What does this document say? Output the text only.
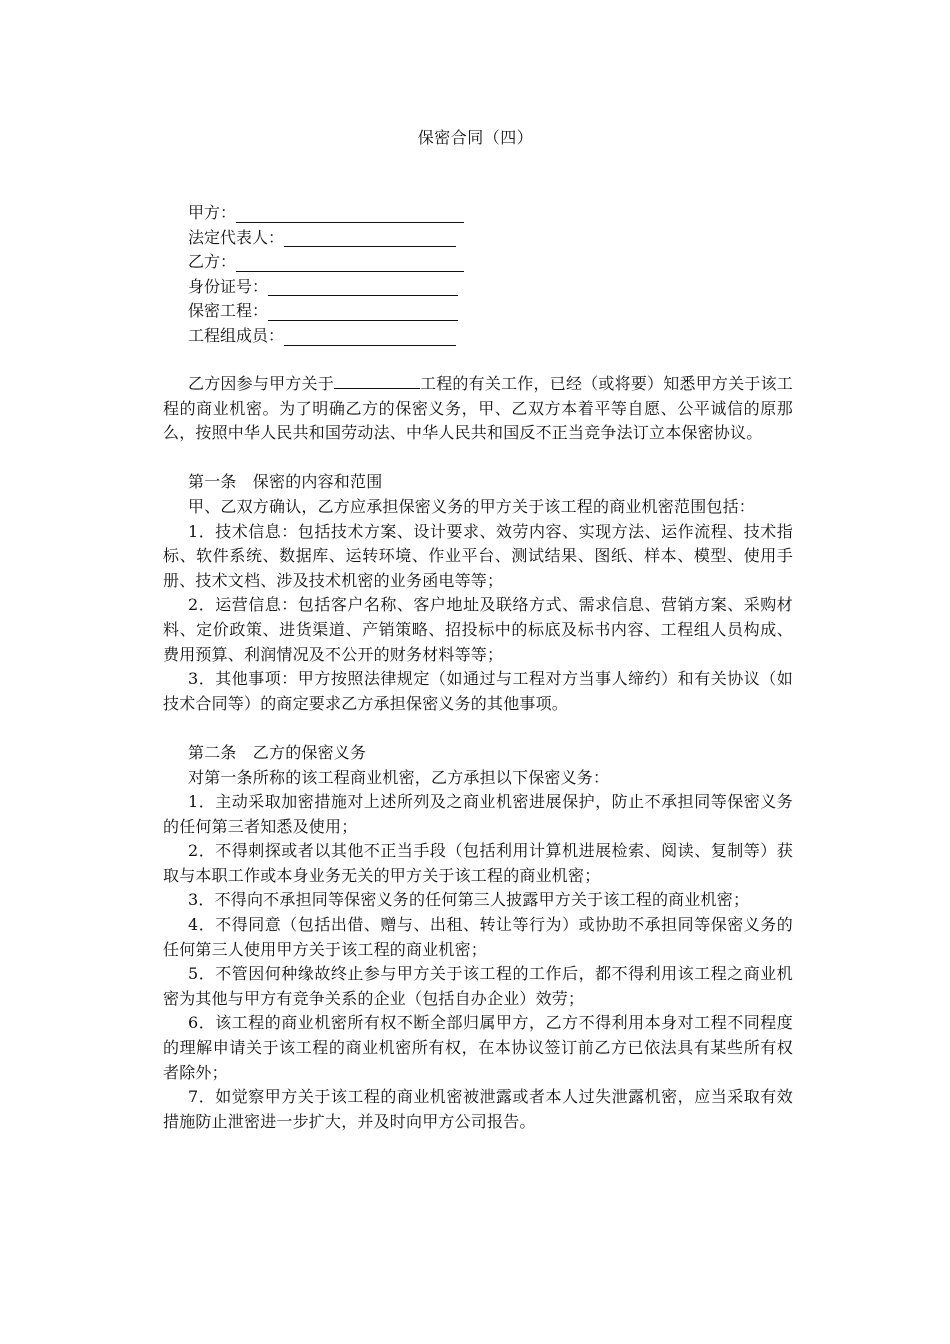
保密合同（四）
甲方：
法定代表人：
乙方：
身份证号：
保密工程：
工程组成员：

乙方因参与甲方关于	工程的有关工作，已经（或将要）知悉甲方关于该工程的商业机密。为了明确乙方的保密义务，甲、乙双方本着平等自愿、公平诚信的原那么，按照中华人民共和国劳动法、中华人民共和国反不正当竞争法订立本保密协议。

第一条　保密的内容和范围

甲、乙双方确认，乙方应承担保密义务的甲方关于该工程的商业机密范围包括：

1．技术信息：包括技术方案、设计要求、效劳内容、实现方法、运作流程、技术指标、软件系统、数据库、运转环境、作业平台、测试结果、图纸、样本、模型、使用手册、技术文档、涉及技术机密的业务函电等等；

2．运营信息：包括客户名称、客户地址及联络方式、需求信息、营销方案、采购材料、定价政策、进货渠道、产销策略、招投标中的标底及标书内容、工程组人员构成、费用预算、利润情况及不公开的财务材料等等；

3．其他事项：甲方按照法律规定（如通过与工程对方当事人缔约）和有关协议（如技术合同等）的商定要求乙方承担保密义务的其他事项。

第二条　乙方的保密义务

对第一条所称的该工程商业机密，乙方承担以下保密义务：

1．主动采取加密措施对上述所列及之商业机密进展保护，防止不承担同等保密义务的任何第三者知悉及使用；

2．不得刺探或者以其他不正当手段（包括利用计算机进展检索、阅读、复制等）获取与本职工作或本身业务无关的甲方关于该工程的商业机密；

3．不得向不承担同等保密义务的任何第三人披露甲方关于该工程的商业机密；

4．不得同意（包括出借、赠与、出租、转让等行为）或协助不承担同等保密义务的任何第三人使用甲方关于该工程的商业机密；

5．不管因何种缘故终止参与甲方关于该工程的工作后，都不得利用该工程之商业机密为其他与甲方有竞争关系的企业（包括自办企业）效劳；

6．该工程的商业机密所有权不断全部归属甲方，乙方不得利用本身对工程不同程度的理解申请关于该工程的商业机密所有权，在本协议签订前乙方已依法具有某些所有权者除外；

7．如觉察甲方关于该工程的商业机密被泄露或者本人过失泄露机密，应当采取有效措施防止泄密进一步扩大，并及时向甲方公司报告。
